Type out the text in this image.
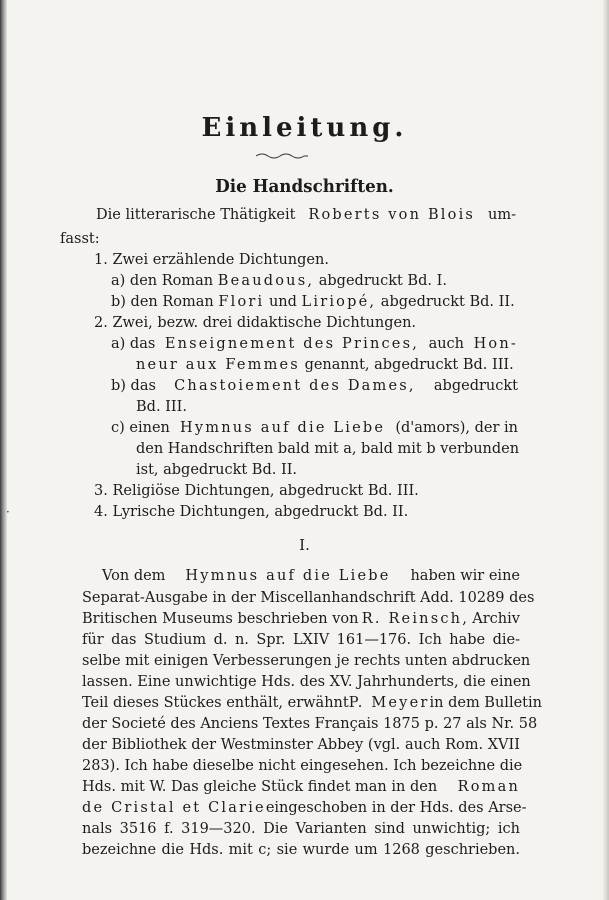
Einleitung.
Die Handschriften.
Die litterarische Thätigkeit Roberts von Blois um-
fasst:
1. Zwei erzählende Dichtungen.
a) den Roman Beaudous, abgedruckt Bd. I.
b) den Roman Flori und Liriopé, abgedruckt Bd. II.
2. Zwei, bezw. drei didaktische Dichtungen.
a) das Enseignement des Princes, auch Hon-
neur aux Femmes genannt, abgedruckt Bd. III.
b) das Chastoiement des Dames, abgedruckt
Bd. III.
c) einen Hymnus auf die Liebe (d'amors), der in
den Handschriften bald mit a, bald mit b verbunden
ist, abgedruckt Bd. II.
3. Religiöse Dichtungen, abgedruckt Bd. III.
4. Lyrische Dichtungen, abgedruckt Bd. II.
I.
Von dem Hymnus auf die Liebe haben wir eine
Separat-Ausgabe in der Miscellanhandschrift Add. 10289 des
Britischen Museums beschrieben von R. Reinsch, Archiv
für das Studium d. n. Spr. LXIV 161—176. Ich habe die-
selbe mit einigen Verbesserungen je rechts unten abdrucken
lassen. Eine unwichtige Hds. des XV. Jahrhunderts, die einen
Teil dieses Stückes enthält, erwähnt P. Meyer in dem Bulletin
der Societé des Anciens Textes Français 1875 p. 27 als Nr. 58
der Bibliothek der Westminster Abbey (vgl. auch Rom. XVII
283). Ich habe dieselbe nicht eingesehen. Ich bezeichne die
Hds. mit W. Das gleiche Stück findet man in den Roman
de Cristal et Clarie eingeschoben in der Hds. des Arse-
nals 3516 f. 319—320. Die Varianten sind unwichtig; ich
bezeichne die Hds. mit c; sie wurde um 1268 geschrieben.
·
